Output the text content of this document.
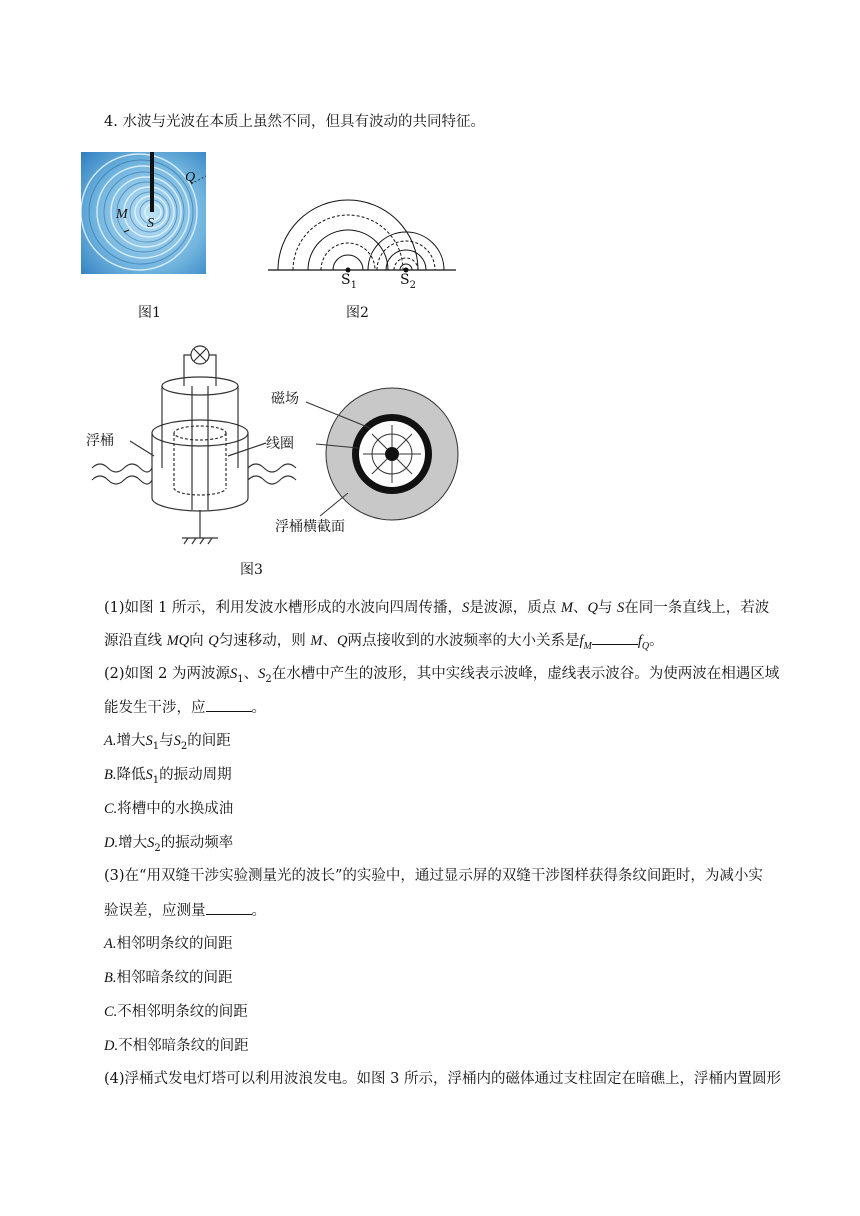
4. 水波与光波在本质上虽然不同，但具有波动的共同特征。
Q
M
S
图1
$S_1$	$S_2$
图2
磁场
浮桶	线圈
浮桶横截面
图3
(1)如图 1 所示，利用发波水槽形成的水波向四周传播，S是波源，质点 M、Q与 S在同一条直线上，若波
源沿直线 MQ向 Q匀速移动，则 M、Q两点接收到的水波频率的大小关系是$f_M$	$f_Q$。
(2)如图 2 为两波源$S_1$、$S_2$在水槽中产生的波形，其中实线表示波峰，虚线表示波谷。为使两波在相遇区域
能发生干涉，应	。
A.增大$S_1$与$S_2$的间距
B.降低$S_1$的振动周期
C.将槽中的水换成油
D.增大$S_2$的振动频率
(3)在“用双缝干涉实验测量光的波长”的实验中，通过显示屏的双缝干涉图样获得条纹间距时，为减小实
验误差，应测量	。
A.相邻明条纹的间距
B.相邻暗条纹的间距
C.不相邻明条纹的间距
D.不相邻暗条纹的间距
(4)浮桶式发电灯塔可以利用波浪发电。如图 3 所示，浮桶内的磁体通过支柱固定在暗礁上，浮桶内置圆形
